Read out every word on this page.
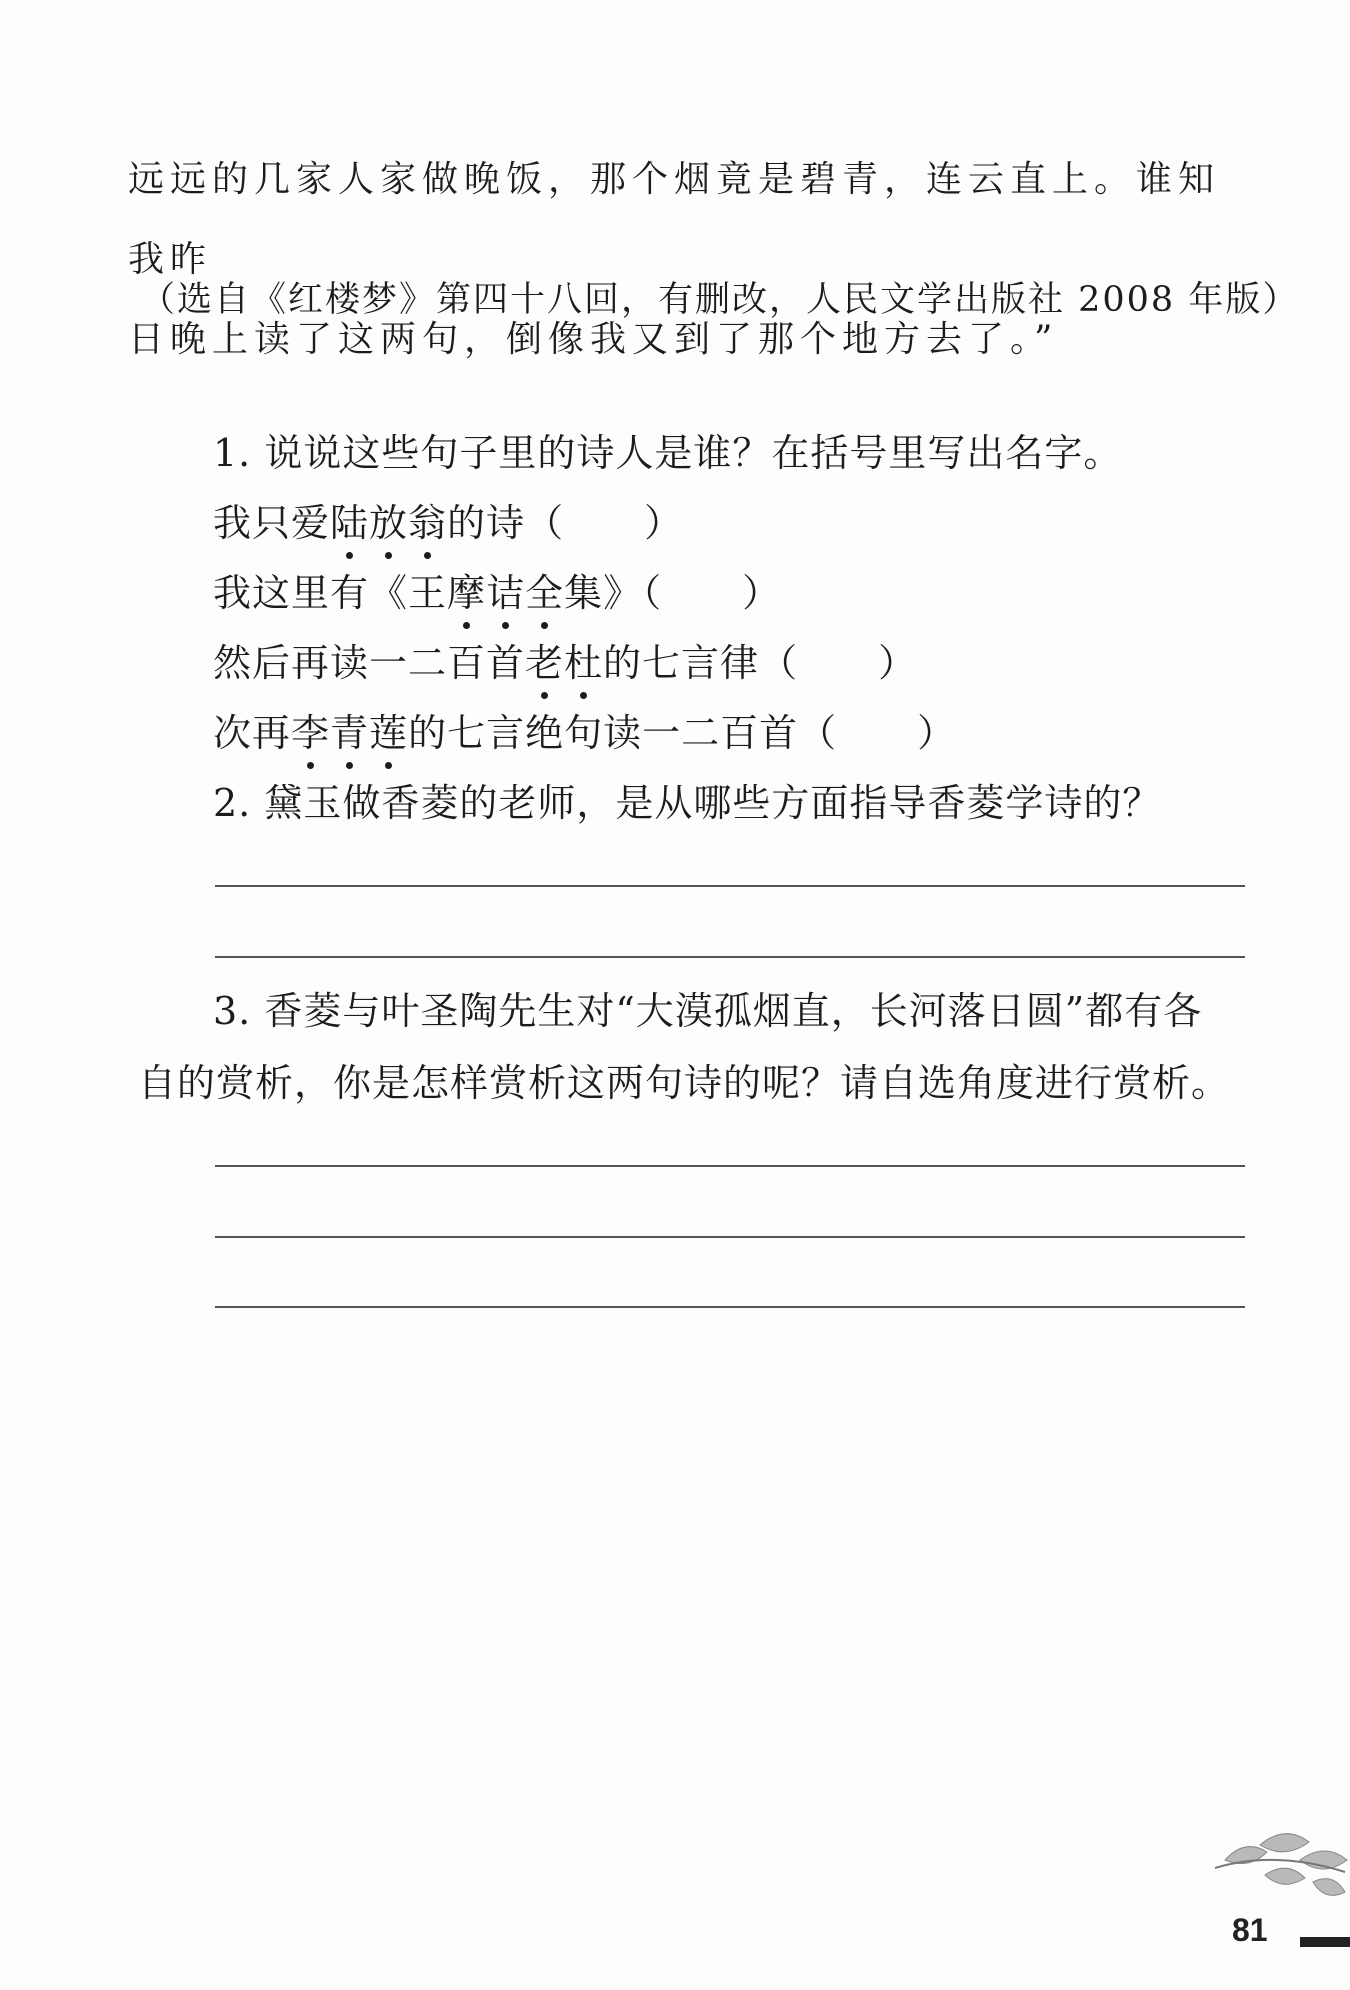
远远的几家人家做晚饭，那个烟竟是碧青，连云直上。谁知我昨

日晚上读了这两句，倒像我又到了那个地方去了。”

（选自《红楼梦》第四十八回，有删改，人民文学出版社 2008 年版）
1. 说说这些句子里的诗人是谁？在括号里写出名字。
我只爱陆放翁的诗（ ）
我这里有《王摩诘全集》（ ）
然后再读一二百首老杜的七言律（ ）
次再李青莲的七言绝句读一二百首（ ）
2. 黛玉做香菱的老师，是从哪些方面指导香菱学诗的？
3. 香菱与叶圣陶先生对“大漠孤烟直，长河落日圆”都有各
自的赏析，你是怎样赏析这两句诗的呢？请自选角度进行赏析。
81
